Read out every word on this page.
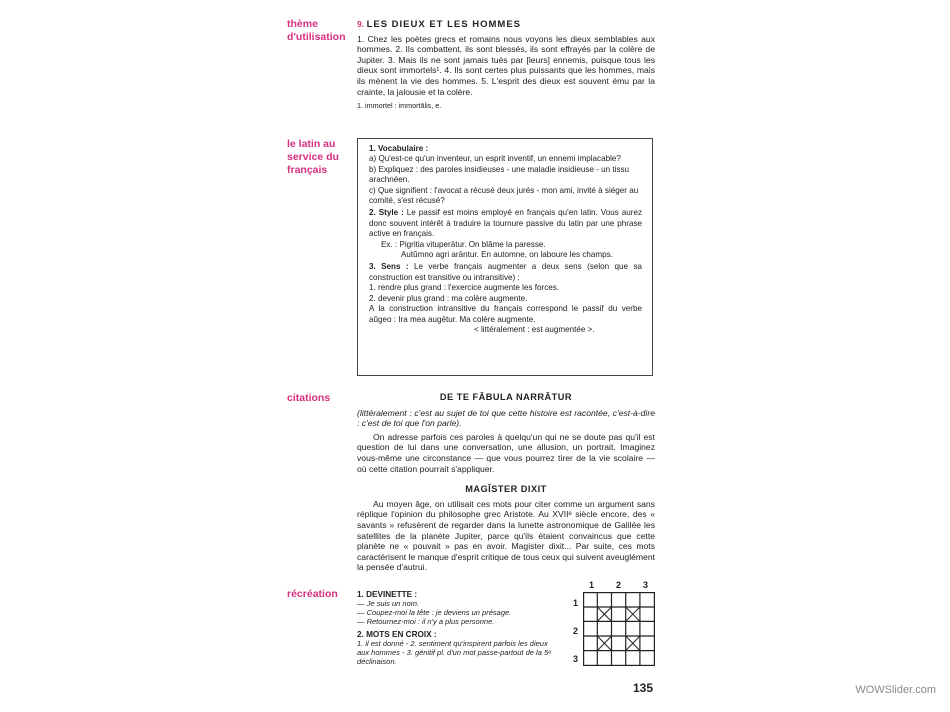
thème d'utilisation
le latin au service du français
citations
récréation

9. LES DIEUX ET LES HOMMES

1. Chez les poètes grecs et romains nous voyons les dieux semblables aux hommes. 2. Ils combattent, ils sont blessés, ils sont effrayés par la colère de Jupiter. 3. Mais ils ne sont jamais tués par [leurs] ennemis, puisque tous les dieux sont immortels¹. 4. Ils sont certes plus puissants que les hommes, mais ils mènent la vie des hommes. 5. L'esprit des dieux est souvent ému par la crainte, la jalousie et la colère.

1. immortel : immortālis, e.

1. Vocabulaire :

a) Qu'est-ce qu'un inventeur, un esprit inventif, un ennemi implacable?

b) Expliquez : des paroles insidieuses - une maladie insidieuse - un tissu arachnéen.

c) Que signifient : l'avocat a récusé deux jurés - mon ami, invité à siéger au comité, s'est récusé?

2. Style : Le passif est moins employé en français qu'en latin. Vous aurez donc souvent intérêt à traduire la tournure passive du latin par une phrase active en français.

Ex. : Pigritia vituperātur. On blâme la paresse.

Autŭmno agri arāntur. En automne, on laboure les champs.

3. Sens : Le verbe français augmenter a deux sens (selon que sa construction est transitive ou intransitive) :

1. rendre plus grand : l'exercice augmente les forces.

2. devenir plus grand : ma colère augmente.

A la construction intransitive du français correspond le passif du verbe aŭgeo : Ira mea augētur. Ma colère augmente.

< littéralement : est augmentée >.

DE TE FĀBULA NARRĀTUR

(littéralement : c'est au sujet de toi que cette histoire est racontée, c'est-à-dire : c'est de toi que l'on parle).

On adresse parfois ces paroles à quelqu'un qui ne se doute pas qu'il est question de lui dans une conversation, une allusion, un portrait. Imaginez vous-même une circonstance — que vous pourrez tirer de la vie scolaire — où cette citation pourrait s'appliquer.

MAGĬSTER DIXIT

Au moyen âge, on utilisait ces mots pour citer comme un argument sans réplique l'opinion du philosophe grec Aristote. Au XVIIᵉ siècle encore, des « savants » refusèrent de regarder dans la lunette astronomique de Galilée les satellites de la planète Jupiter, parce qu'ils étaient convaincus que cette planète ne « pouvait » pas en avoir. Magister dixit... Par suite, ces mots caractérisent le manque d'esprit critique de tous ceux qui suivent aveuglément la pensée d'autrui.

1. DEVINETTE :

— Je suis un nom.

— Coupez-moi la tête : je deviens un présage.

— Retournez-moi : il n'y a plus personne.

2. MOTS EN CROIX :

1. il est donné - 2. sentiment qu'inspirent parfois les dieux aux hommes - 3. génitif pl. d'un mot passe-partout de la 5ᵉ déclinaison.

1 2 3
1
2
3
135	WOWSlider.com
